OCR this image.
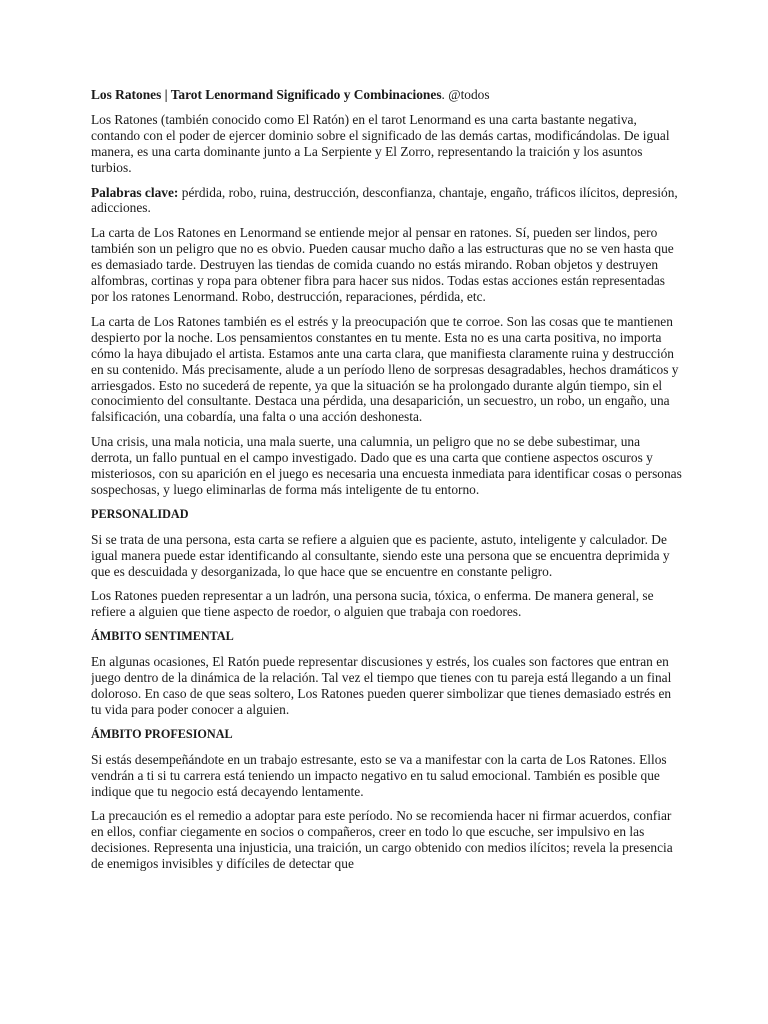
Los Ratones | Tarot Lenormand Significado y Combinaciones. @todos

Los Ratones (también conocido como El Ratón) en el tarot Lenormand es una carta bastante negativa, contando con el poder de ejercer dominio sobre el significado de las demás cartas, modificándolas. De igual manera, es una carta dominante junto a La Serpiente y El Zorro, representando la traición y los asuntos turbios.

Palabras clave: pérdida, robo, ruina, destrucción, desconfianza, chantaje, engaño, tráficos ilícitos, depresión, adicciones.

La carta de Los Ratones en Lenormand se entiende mejor al pensar en ratones. Sí, pueden ser lindos, pero también son un peligro que no es obvio. Pueden causar mucho daño a las estructuras que no se ven hasta que es demasiado tarde. Destruyen las tiendas de comida cuando no estás mirando. Roban objetos y destruyen alfombras, cortinas y ropa para obtener fibra para hacer sus nidos. Todas estas acciones están representadas por los ratones Lenormand. Robo, destrucción, reparaciones, pérdida, etc.

La carta de Los Ratones también es el estrés y la preocupación que te corroe. Son las cosas que te mantienen despierto por la noche. Los pensamientos constantes en tu mente. Esta no es una carta positiva, no importa cómo la haya dibujado el artista. Estamos ante una carta clara, que manifiesta claramente ruina y destrucción en su contenido. Más precisamente, alude a un período lleno de sorpresas desagradables, hechos dramáticos y arriesgados. Esto no sucederá de repente, ya que la situación se ha prolongado durante algún tiempo, sin el conocimiento del consultante. Destaca una pérdida, una desaparición, un secuestro, un robo, un engaño, una falsificación, una cobardía, una falta o una acción deshonesta.

Una crisis, una mala noticia, una mala suerte, una calumnia, un peligro que no se debe subestimar, una derrota, un fallo puntual en el campo investigado. Dado que es una carta que contiene aspectos oscuros y misteriosos, con su aparición en el juego es necesaria una encuesta inmediata para identificar cosas o personas sospechosas, y luego eliminarlas de forma más inteligente de tu entorno.

PERSONALIDAD

Si se trata de una persona, esta carta se refiere a alguien que es paciente, astuto, inteligente y calculador. De igual manera puede estar identificando al consultante, siendo este una persona que se encuentra deprimida y que es descuidada y desorganizada, lo que hace que se encuentre en constante peligro.

Los Ratones pueden representar a un ladrón, una persona sucia, tóxica, o enferma. De manera general, se refiere a alguien que tiene aspecto de roedor, o alguien que trabaja con roedores.

ÁMBITO SENTIMENTAL

En algunas ocasiones, El Ratón puede representar discusiones y estrés, los cuales son factores que entran en juego dentro de la dinámica de la relación. Tal vez el tiempo que tienes con tu pareja está llegando a un final doloroso. En caso de que seas soltero, Los Ratones pueden querer simbolizar que tienes demasiado estrés en tu vida para poder conocer a alguien.

ÁMBITO PROFESIONAL

Si estás desempeñándote en un trabajo estresante, esto se va a manifestar con la carta de Los Ratones. Ellos vendrán a ti si tu carrera está teniendo un impacto negativo en tu salud emocional. También es posible que indique que tu negocio está decayendo lentamente.

La precaución es el remedio a adoptar para este período. No se recomienda hacer ni firmar acuerdos, confiar en ellos, confiar ciegamente en socios o compañeros, creer en todo lo que escuche, ser impulsivo en las decisiones. Representa una injusticia, una traición, un cargo obtenido con medios ilícitos; revela la presencia de enemigos invisibles y difíciles de detectar que
